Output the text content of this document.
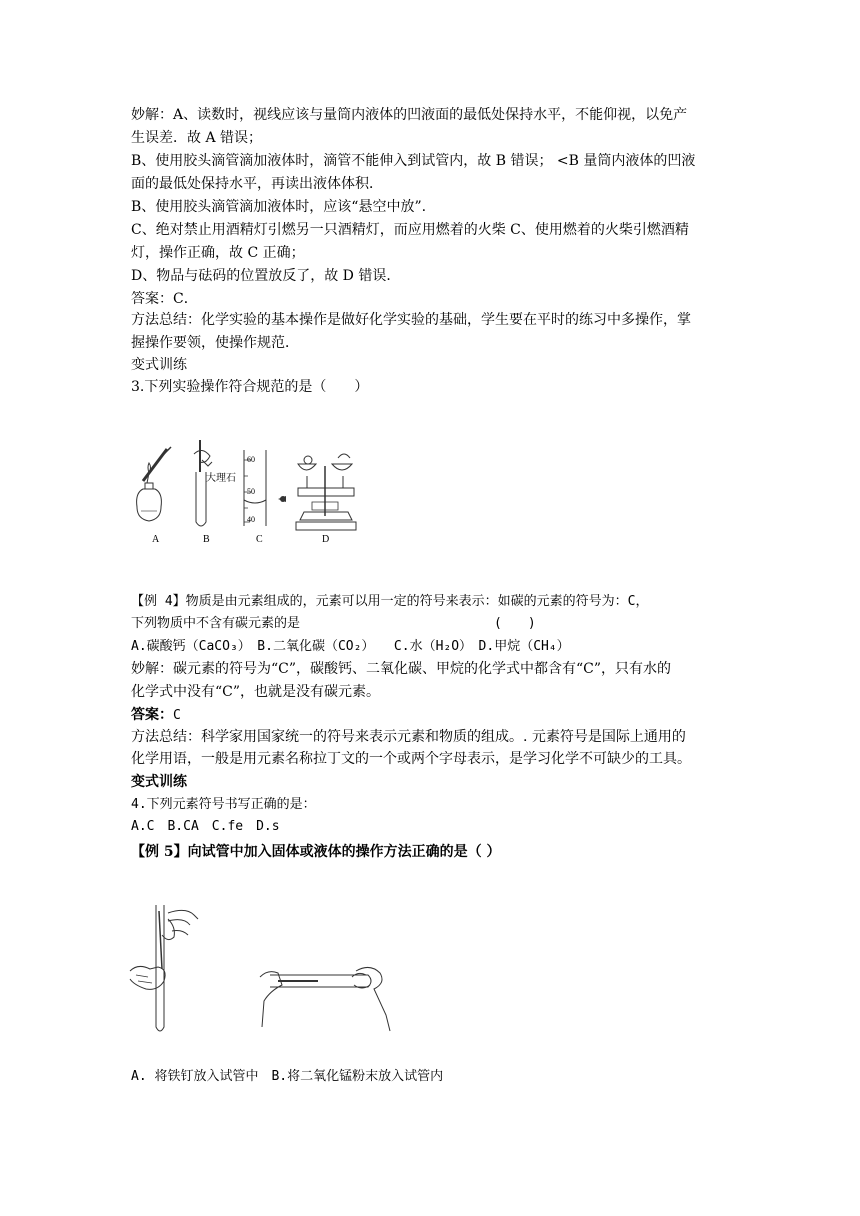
妙解：A、读数时，视线应该与量筒内液体的凹液面的最低处保持水平，不能仰视，以免产
生误差．故 A 错误；
B、使用胶头滴管滴加液体时，滴管不能伸入到试管内，故 B 错误； <B 量筒内液体的凹液
面的最低处保持水平，再读出液体体积．
B、使用胶头滴管滴加液体时，应该“悬空中放”.
C、绝对禁止用酒精灯引燃另一只酒精灯，而应用燃着的火柴 C、使用燃着的火柴引燃酒精
灯，操作正确，故 C 正确；
D、物品与砝码的位置放反了，故 D 错误．
答案：C．
方法总结：化学实验的基本操作是做好化学实验的基础，学生要在平时的练习中多操作，掌
握操作要领，使操作规范．
变式训练
3.下列实验操作符合规范的是（　　）
大理石
60
50
40
A	B	C	D
【例 4】物质是由元素组成的，元素可以用一定的符号来表示：如碳的元素的符号为：C，
下列物质中不含有碳元素的是	(　　)
A.碳酸钙（CaCO₃）　B.二氧化碳（CO₂）　　C.水（H₂O）　D.甲烷（CH₄）
妙解：碳元素的符号为“C”，碳酸钙、二氧化碳、甲烷的化学式中都含有“C”，只有水的
化学式中没有“C”，也就是没有碳元素。
答案：C
方法总结：科学家用国家统一的符号来表示元素和物质的组成。. 元素符号是国际上通用的
化学用语，一般是用元素名称拉丁文的一个或两个字母表示，是学习化学不可缺少的工具。
变式训练
4.下列元素符号书写正确的是：
A.C　B.CA　C.fe　D.s
【例 5】向试管中加入固体或液体的操作方法正确的是（ ）
A. 将铁钉放入试管中　B.将二氧化锰粉末放入试管内
